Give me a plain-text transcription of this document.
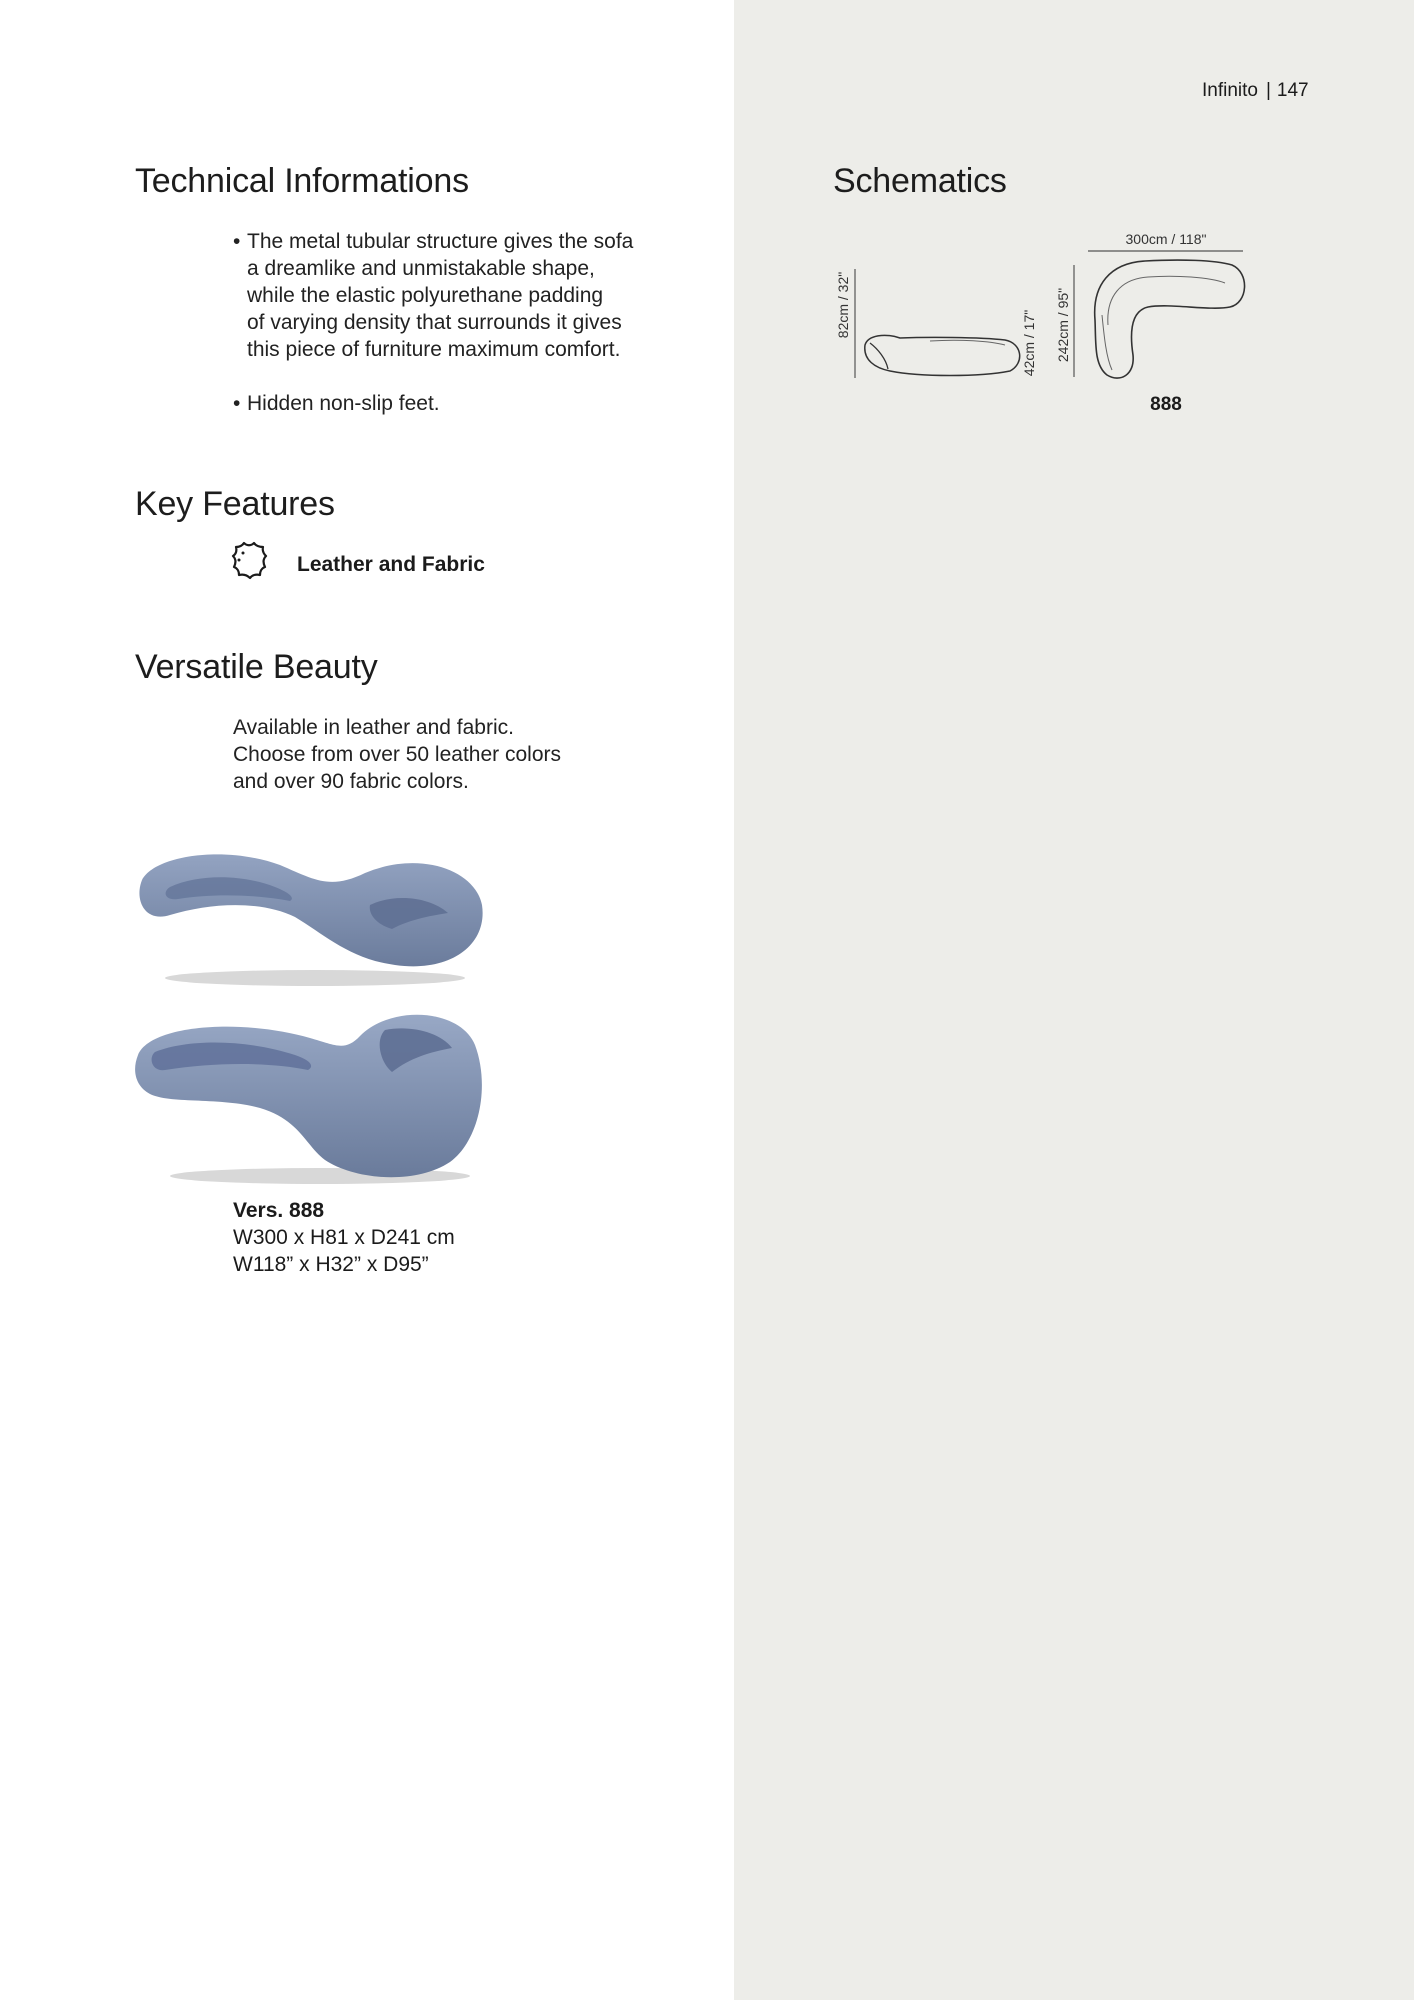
Infinito | 147
Technical Informations
• The metal tubular structure gives the sofa
a dreamlike and unmistakable shape,
while the elastic polyurethane padding
of varying density that surrounds it gives
this piece of furniture maximum comfort.
• Hidden non-slip feet.
Key Features
Leather and Fabric
Versatile Beauty
Available in leather and fabric.
Choose from over 50 leather colors
and over 90 fabric colors.
Vers. 888
W300 x H81 x D241 cm
W118” x H32” x D95”
Schematics
82cm / 32"
42cm / 17" 242cm / 95"
300cm / 118"
888
